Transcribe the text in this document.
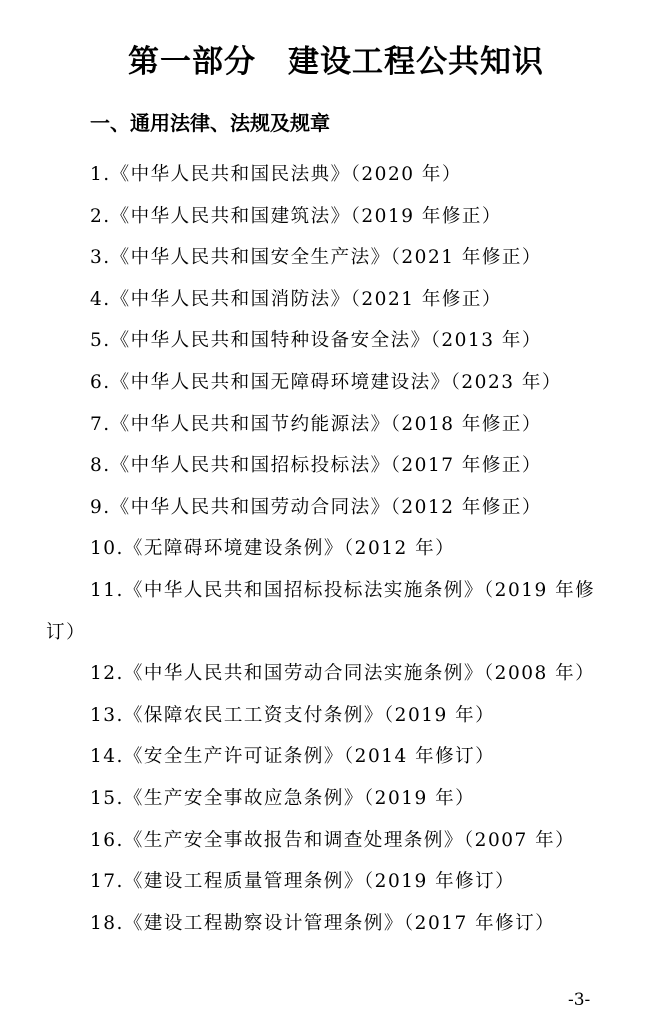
第一部分　建设工程公共知识
一、通用法律、法规及规章
1.《中华人民共和国民法典》（2020 年）
2.《中华人民共和国建筑法》（2019 年修正）
3.《中华人民共和国安全生产法》（2021 年修正）
4.《中华人民共和国消防法》（2021 年修正）
5.《中华人民共和国特种设备安全法》（2013 年）
6.《中华人民共和国无障碍环境建设法》（2023 年）
7.《中华人民共和国节约能源法》（2018 年修正）
8.《中华人民共和国招标投标法》（2017 年修正）
9.《中华人民共和国劳动合同法》（2012 年修正）
10.《无障碍环境建设条例》（2012 年）
11.《中华人民共和国招标投标法实施条例》（2019 年修订）
12.《中华人民共和国劳动合同法实施条例》（2008 年）
13.《保障农民工工资支付条例》（2019 年）
14.《安全生产许可证条例》（2014 年修订）
15.《生产安全事故应急条例》（2019 年）
16.《生产安全事故报告和调查处理条例》（2007 年）
17.《建设工程质量管理条例》（2019 年修订）
18.《建设工程勘察设计管理条例》（2017 年修订）
-3-
